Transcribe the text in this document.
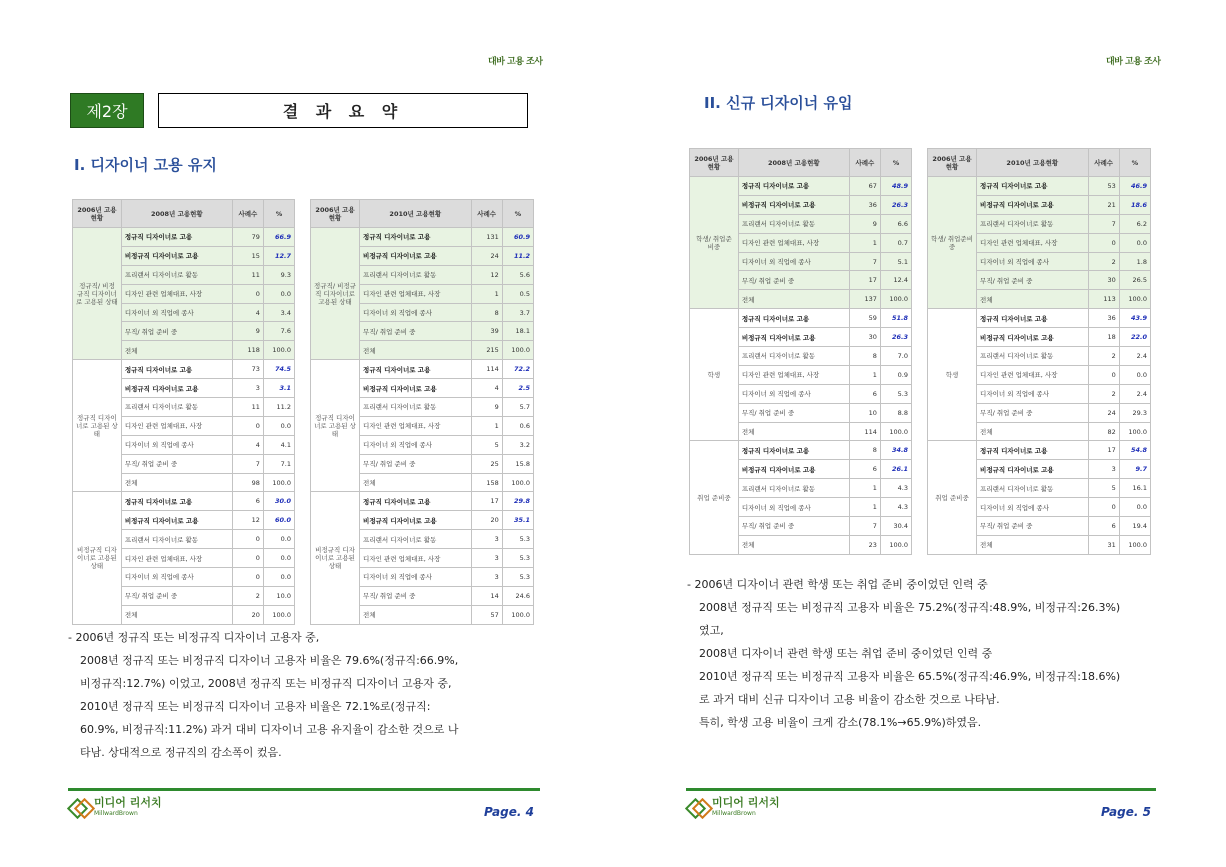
대바 고용 조사
제2장	결 과 요 약
I. 디자이너 고용 유지
2006년 고용현황	2008년 고용현황	사례수	%
정규직/ 비정규직 디자이너로 고용된 상태	정규직 디자이너로 고용	79	66.9
	비정규직 디자이너로 고용	15	12.7
	프리랜서 디자이너로 활동	11	9.3
	디자인 관련 업체대표, 사장	0	0.0
	디자이너 외 직업에 종사	4	3.4
	무직/ 취업 준비 중	9	7.6
	전체	118	100.0
정규직 디자이너로 고용된 상태	정규직 디자이너로 고용	73	74.5
	비정규직 디자이너로 고용	3	3.1
	프리랜서 디자이너로 활동	11	11.2
	디자인 관련 업체대표, 사장	0	0.0
	디자이너 외 직업에 종사	4	4.1
	무직/ 취업 준비 중	7	7.1
	전체	98	100.0
비정규직 디자이너로 고용된 상태	정규직 디자이너로 고용	6	30.0
	비정규직 디자이너로 고용	12	60.0
	프리랜서 디자이너로 활동	0	0.0
	디자인 관련 업체대표, 사장	0	0.0
	디자이너 외 직업에 종사	0	0.0
	무직/ 취업 준비 중	2	10.0
	전체	20	100.0
2006년 고용현황	2010년 고용현황	사례수	%
정규직/ 비정규직 디자이너로 고용된 상태	정규직 디자이너로 고용	131	60.9
	비정규직 디자이너로 고용	24	11.2
	프리랜서 디자이너로 활동	12	5.6
	디자인 관련 업체대표, 사장	1	0.5
	디자이너 외 직업에 종사	8	3.7
	무직/ 취업 준비 중	39	18.1
	전체	215	100.0
정규직 디자이너로 고용된 상태	정규직 디자이너로 고용	114	72.2
	비정규직 디자이너로 고용	4	2.5
	프리랜서 디자이너로 활동	9	5.7
	디자인 관련 업체대표, 사장	1	0.6
	디자이너 외 직업에 종사	5	3.2
	무직/ 취업 준비 중	25	15.8
	전체	158	100.0
비정규직 디자이너로 고용된 상태	정규직 디자이너로 고용	17	29.8
	비정규직 디자이너로 고용	20	35.1
	프리랜서 디자이너로 활동	3	5.3
	디자인 관련 업체대표, 사장	3	5.3
	디자이너 외 직업에 종사	3	5.3
	무직/ 취업 준비 중	14	24.6
	전체	57	100.0

- 2006년 정규직 또는 비정규직 디자이너 고용자 중,

2008년 정규직 또는 비정규직 디자이너 고용자 비율은 79.6%(정규직:66.9%,

비정규직:12.7%) 이었고, 2008년 정규직 또는 비정규직 디자이너 고용자 중,

2010년 정규직 또는 비정규직 디자이너 고용자 비율은 72.1%로(정규직:

60.9%, 비정규직:11.2%) 과거 대비 디자이너 고용 유지율이 감소한 것으로 나

타남. 상대적으로 정규직의 감소폭이 컸음.

미디어 리서치
MillwardBrown	Page. 4
대바 고용 조사
II. 신규 디자이너 유입
2006년 고용현황	2008년 고용현황	사례수	%
학생/ 취업준비중	정규직 디자이너로 고용	67	48.9
	비정규직 디자이너로 고용	36	26.3
	프리랜서 디자이너로 활동	9	6.6
	디자인 관련 업체대표, 사장	1	0.7
	디자이너 외 직업에 종사	7	5.1
	무직/ 취업 준비 중	17	12.4
	전체	137	100.0
학생	정규직 디자이너로 고용	59	51.8
	비정규직 디자이너로 고용	30	26.3
	프리랜서 디자이너로 활동	8	7.0
	디자인 관련 업체대표, 사장	1	0.9
	디자이너 외 직업에 종사	6	5.3
	무직/ 취업 준비 중	10	8.8
	전체	114	100.0
취업 준비중	정규직 디자이너로 고용	8	34.8
	비정규직 디자이너로 고용	6	26.1
	프리랜서 디자이너로 활동	1	4.3
	디자이너 외 직업에 종사	1	4.3
	무직/ 취업 준비 중	7	30.4
	전체	23	100.0
2006년 고용현황	2010년 고용현황	사례수	%
학생/ 취업준비중	정규직 디자이너로 고용	53	46.9
	비정규직 디자이너로 고용	21	18.6
	프리랜서 디자이너로 활동	7	6.2
	디자인 관련 업체대표, 사장	0	0.0
	디자이너 외 직업에 종사	2	1.8
	무직/ 취업 준비 중	30	26.5
	전체	113	100.0
학생	정규직 디자이너로 고용	36	43.9
	비정규직 디자이너로 고용	18	22.0
	프리랜서 디자이너로 활동	2	2.4
	디자인 관련 업체대표, 사장	0	0.0
	디자이너 외 직업에 종사	2	2.4
	무직/ 취업 준비 중	24	29.3
	전체	82	100.0
취업 준비중	정규직 디자이너로 고용	17	54.8
	비정규직 디자이너로 고용	3	9.7
	프리랜서 디자이너로 활동	5	16.1
	디자이너 외 직업에 종사	0	0.0
	무직/ 취업 준비 중	6	19.4
	전체	31	100.0

- 2006년 디자이너 관련 학생 또는 취업 준비 중이었던 인력 중

2008년 정규직 또는 비정규직 고용자 비율은 75.2%(정규직:48.9%, 비정규직:26.3%)

였고,

2008년 디자이너 관련 학생 또는 취업 준비 중이었던 인력 중

2010년 정규직 또는 비정규직 고용자 비율은 65.5%(정규직:46.9%, 비정규직:18.6%)

로 과거 대비 신규 디자이너 고용 비율이 감소한 것으로 나타남.

특히, 학생 고용 비율이 크게 감소(78.1%→65.9%)하였음.

미디어 리서치
MillwardBrown	Page. 5
